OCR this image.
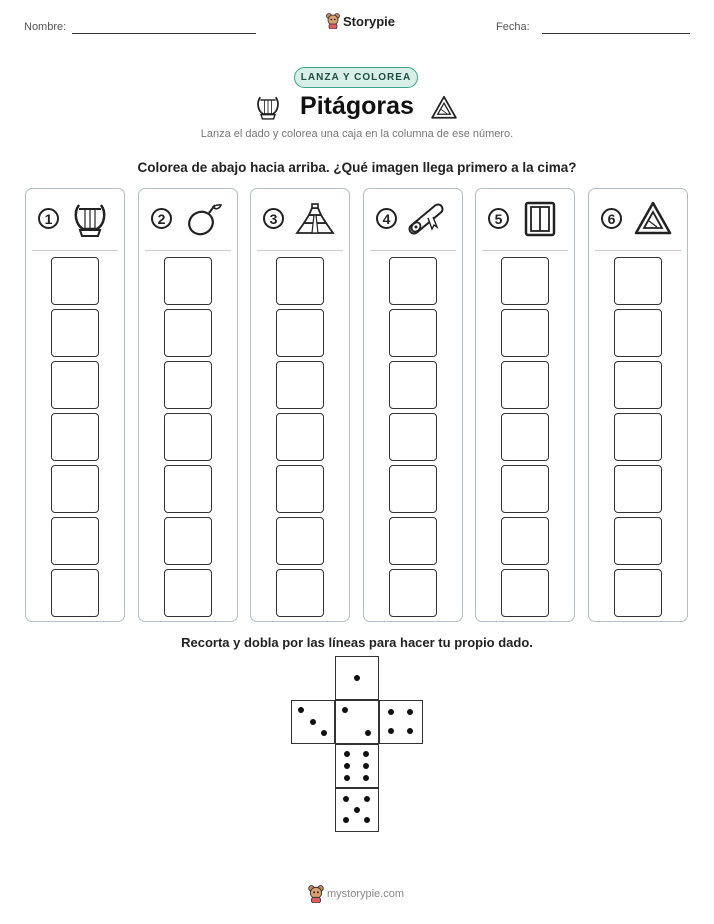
Nombre:	Storypie	Fecha:
LANZA Y COLOREA
Pitágoras
Lanza el dado y colorea una caja en la columna de ese número.
Colorea de abajo hacia arriba. ¿Qué imagen llega primero a la cima?
1	2	3	4	5	6
Recorta y dobla por las líneas para hacer tu propio dado.
mystorypie.com
